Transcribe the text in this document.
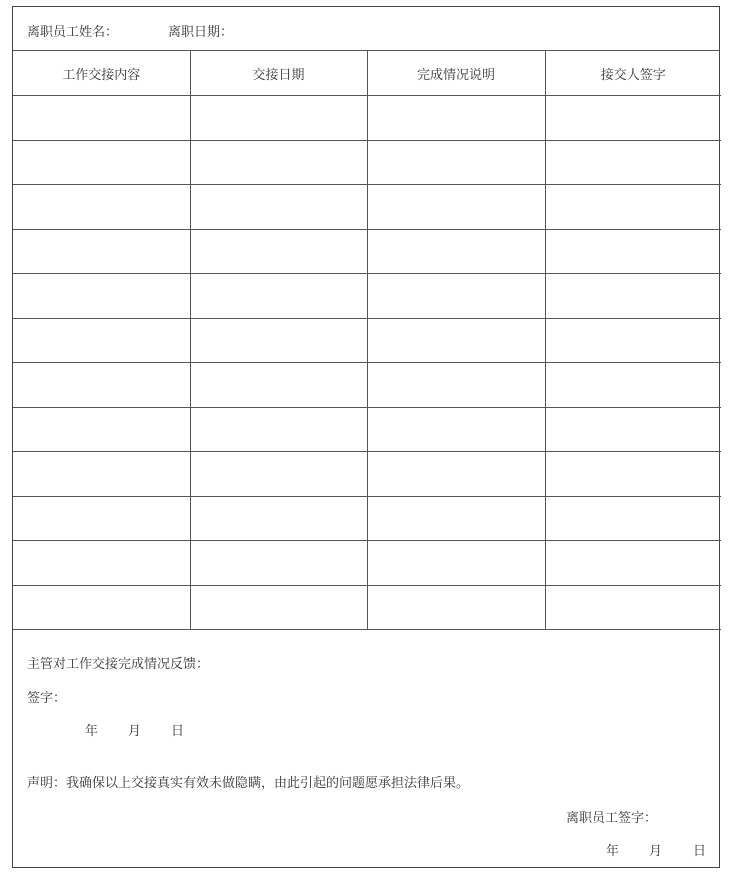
离职员工姓名：	离职日期：
工作交接内容	交接日期	完成情况说明	接交人签字

主管对工作交接完成情况反馈：
签字：
年 月 日
声明：我确保以上交接真实有效未做隐瞒，由此引起的问题愿承担法律后果。
离职员工签字：
年 月 日
